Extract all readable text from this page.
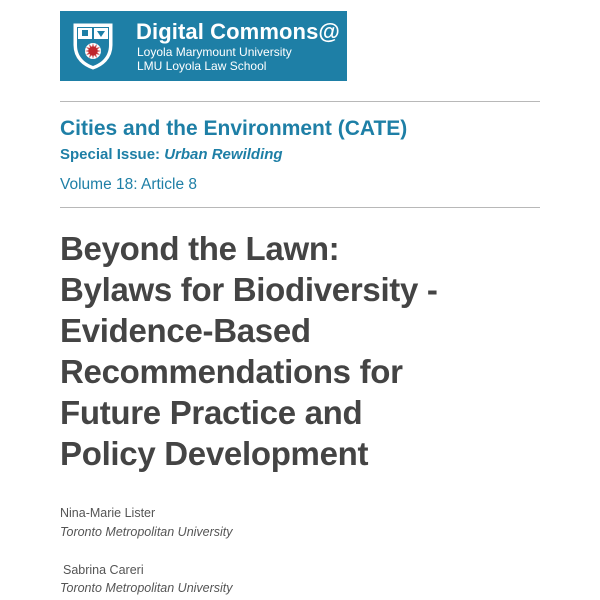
Digital Commons@
Loyola Marymount University
LMU Loyola Law School
Cities and the Environment (CATE)
Special Issue: Urban Rewilding
Volume 18: Article 8
Beyond the Lawn:
Bylaws for Biodiversity -
Evidence-Based
Recommendations for
Future Practice and
Policy Development
Nina-Marie Lister
Toronto Metropolitan University
Sabrina Careri
Toronto Metropolitan University
